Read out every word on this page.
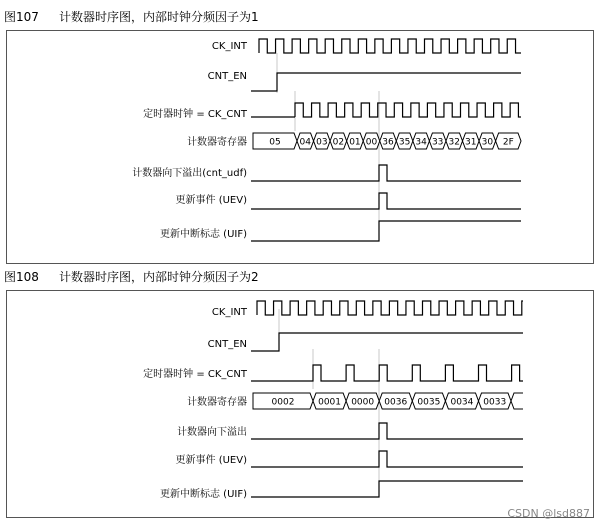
图107 计数器时序图，内部时钟分频因子为1
CK_INT
CNT_EN
定时器时钟 = CK_CNT
计数器寄存器 05 04 03 02 01 00 36 35 34 33 32 31 30 2F
计数器向下溢出(cnt_udf)
更新事件 (UEV)
更新中断标志 (UIF)
图108 计数器时序图，内部时钟分频因子为2
CK_INT
CNT_EN
定时器时钟 = CK_CNT
计数器寄存器	0002	0001 0000 0036 0035 0034 0033
计数器向下溢出
更新事件 (UEV)
更新中断标志 (UIF)
CSDN @lsd887
